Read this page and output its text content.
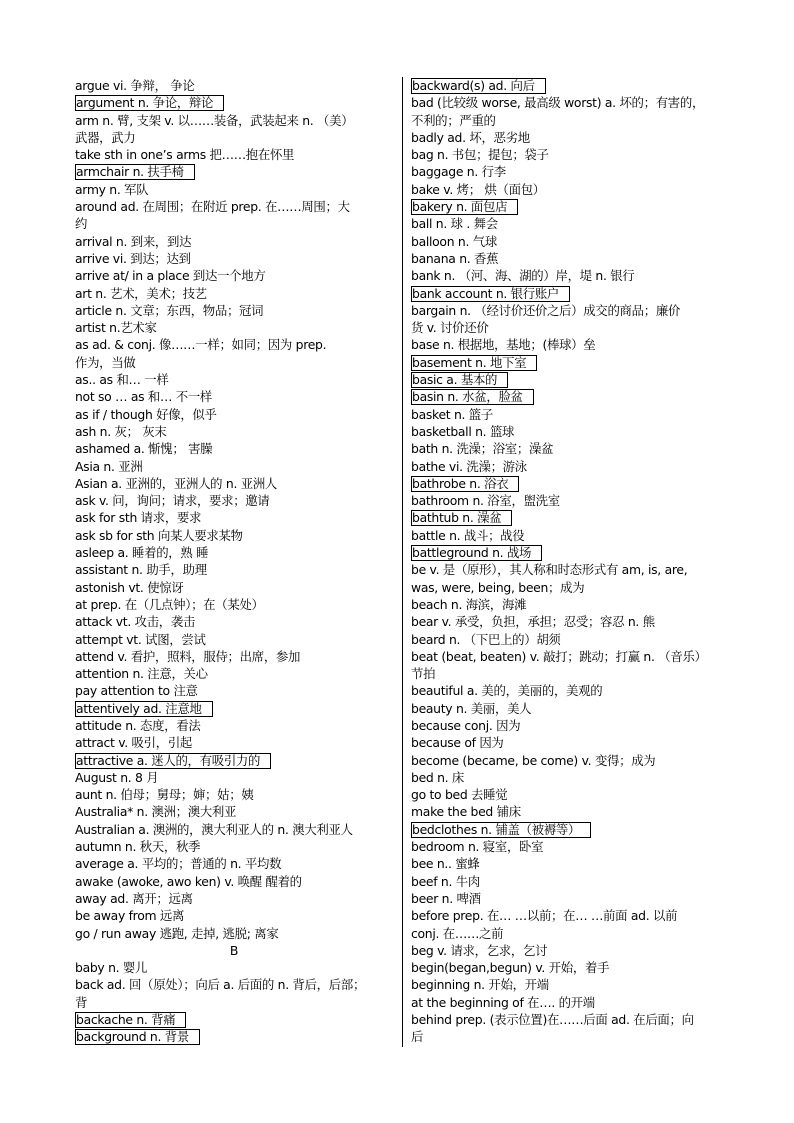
argue vi. 争辩， 争论
argument n. 争论，辩论
arm n. 臂, 支架 v. 以……装备，武装起来 n. （美）
武器，武力
take sth in one’s arms 把……抱在怀里
armchair n. 扶手椅
army n. 军队
around ad. 在周围；在附近 prep. 在……周围；大
约
arrival n. 到来，到达
arrive vi. 到达；达到
arrive at/ in a place 到达一个地方
art n. 艺术，美术；技艺
article n. 文章；东西，物品；冠词
artist n.艺术家
as ad. & conj. 像……一样；如同；因为 prep.
作为，当做
as.. as 和… 一样
not so … as 和… 不一样
as if / though 好像，似乎
ash n. 灰； 灰末
ashamed a. 惭愧； 害臊
Asia n. 亚洲
Asian a. 亚洲的，亚洲人的 n. 亚洲人
ask v. 问，询问；请求，要求；邀请
ask for sth 请求，要求
ask sb for sth 向某人要求某物
asleep a. 睡着的，熟 睡
assistant n. 助手，助理
astonish vt. 使惊讶
at prep. 在（几点钟）；在（某处）
attack vt. 攻击，袭击
attempt vt. 试图，尝试
attend v. 看护，照料，服侍；出席，参加
attention n. 注意，关心
pay attention to 注意
attentively ad. 注意地
attitude n. 态度，看法
attract v. 吸引，引起
attractive a. 迷人的，有吸引力的
August n. 8 月
aunt n. 伯母；舅母；婶；姑；姨
Australia* n. 澳洲；澳大利亚
Australian a. 澳洲的，澳大利亚人的 n. 澳大利亚人
autumn n. 秋天，秋季
average a. 平均的；普通的 n. 平均数
awake (awoke, awo ken) v. 唤醒 醒着的
away ad. 离开；远离
be away from 远离
go / run away 逃跑, 走掉, 逃脱; 离家
B
baby n. 婴儿
back ad. 回（原处）；向后 a. 后面的 n. 背后，后部；
背
backache n. 背痛
background n. 背景
backward(s) ad. 向后
bad (比较级 worse, 最高级 worst) a. 坏的；有害的，
不利的；严重的
badly ad. 坏，恶劣地
bag n. 书包；提包；袋子
baggage n. 行李
bake v. 烤； 烘（面包）
bakery n. 面包店
ball n. 球 . 舞会
balloon n. 气球
banana n. 香蕉
bank n. （河、海、湖的）岸，堤 n. 银行
bank account n. 银行账户
bargain n. （经讨价还价之后）成交的商品；廉价
货 v. 讨价还价
base n. 根据地，基地；(棒球）垒
basement n. 地下室
basic a. 基本的
basin n. 水盆，脸盆
basket n. 篮子
basketball n. 篮球
bath n. 洗澡；浴室；澡盆
bathe vi. 洗澡；游泳
bathrobe n. 浴衣
bathroom n. 浴室，盥洗室
bathtub n. 澡盆
battle n. 战斗；战役
battleground n. 战场
be v. 是（原形），其人称和时态形式有 am, is, are,
was, were, being, been；成为
beach n. 海滨，海滩
bear v. 承受，负担，承担；忍受；容忍 n. 熊
beard n. （下巴上的）胡须
beat (beat, beaten) v. 敲打；跳动；打赢 n. （音乐）
节拍
beautiful a. 美的，美丽的，美观的
beauty n. 美丽，美人
because conj. 因为
because of 因为
become (became, be come) v. 变得；成为
bed n. 床
go to bed 去睡觉
make the bed 铺床
bedclothes n. 铺盖（被褥等）
bedroom n. 寝室，卧室
bee n.. 蜜蜂
beef n. 牛肉
beer n. 啤酒
before prep. 在… …以前；在… …前面 ad. 以前
conj. 在……之前
beg v. 请求，乞求，乞讨
begin(began,begun) v. 开始，着手
beginning n. 开始，开端
at the beginning of 在…. 的开端
behind prep. (表示位置)在……后面 ad. 在后面；向
后
